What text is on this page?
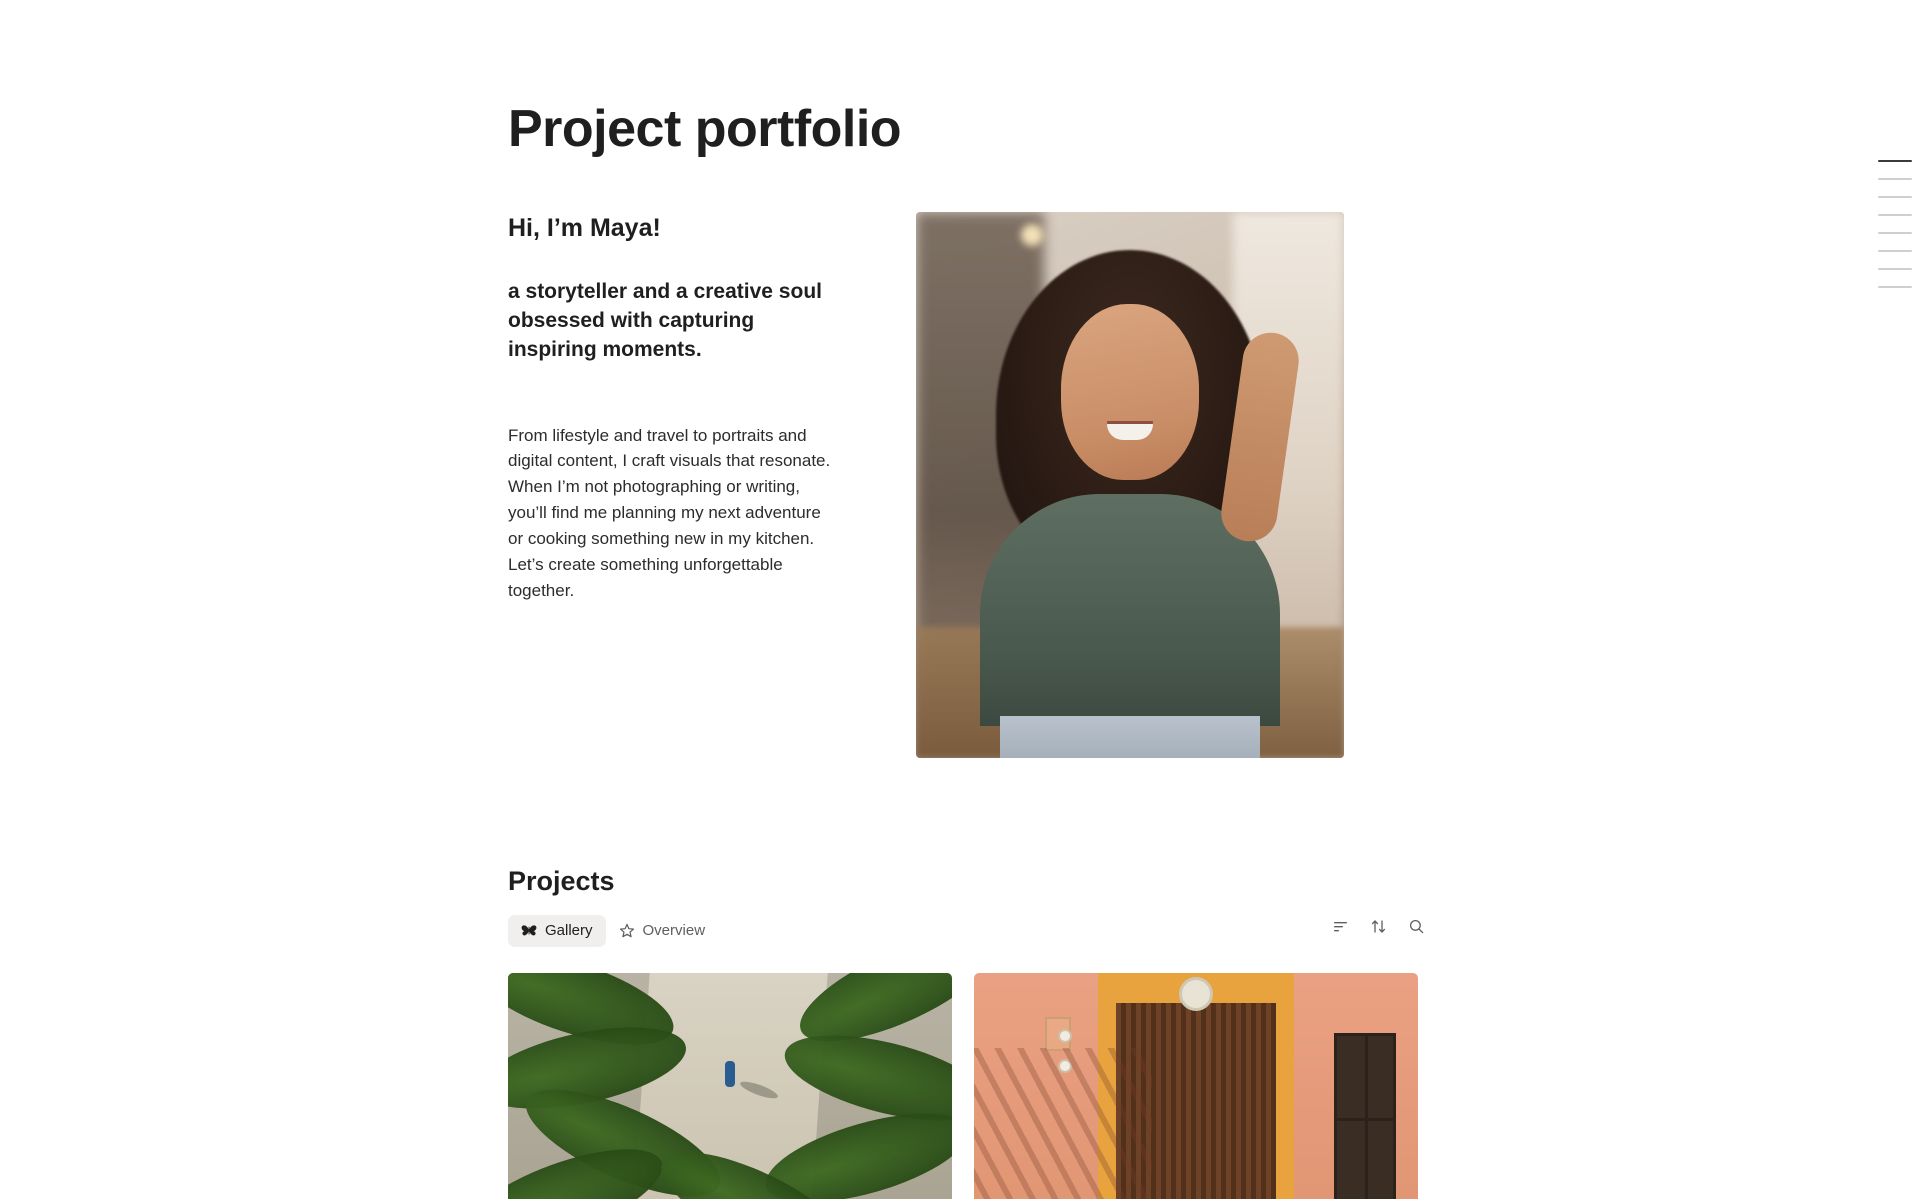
Project portfolio
Hi, I’m Maya!

a storyteller and a creative soul obsessed with capturing inspiring moments.

From lifestyle and travel to portraits and digital content, I craft visuals that resonate. When I’m not photographing or writing, you’ll find me planning my next adventure or cooking something new in my kitchen. Let’s create something unforgettable together.

Projects
Gallery	Overview
